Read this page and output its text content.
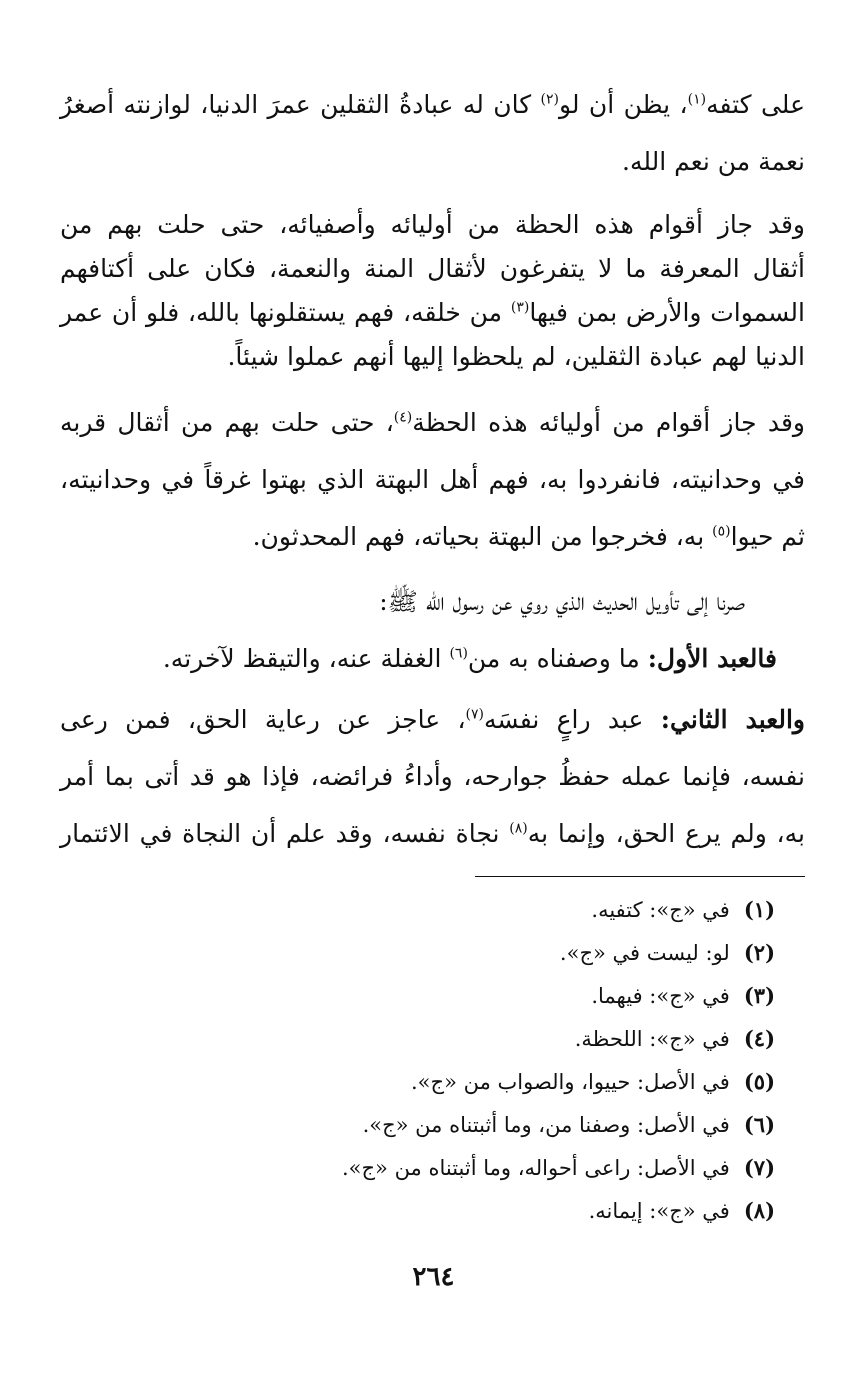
على كتفه$^{(١)}$، يظن أن لو$^{(٢)}$ كان له عبادةُ الثقلين عمرَ الدنيا، لوازنته أصغرُ
نعمة من نعم الله.
وقد جاز أقوام هذه الحظة من أوليائه وأصفيائه، حتى حلت بهم من
أثقال المعرفة ما لا يتفرغون لأثقال المنة والنعمة، فكان على أكتافهم
السموات والأرض بمن فيها$^{(٣)}$ من خلقه، فهم يستقلونها بالله، فلو أن عمر
الدنيا لهم عبادة الثقلين، لم يلحظوا إليها أنهم عملوا شيئاً.
وقد جاز أقوام من أوليائه هذه الحظة$^{(٤)}$، حتى حلت بهم من أثقال قربه
في وحدانيته، فانفردوا به، فهم أهل البهتة الذي بهتوا غرقاً في وحدانيته،
ثم حيوا$^{(٥)}$ به، فخرجوا من البهتة بحياته، فهم المحدثون.
صرنا إلى تأويل الحديث الذي روي عن رسول الله ﷺ:
فالعبد الأول: ما وصفناه به من$^{(٦)}$ الغفلة عنه، والتيقظ لآخرته.
والعبد الثاني: عبد راعٍ نفسَه$^{(٧)}$، عاجز عن رعاية الحق، فمن رعى
نفسه، فإنما عمله حفظُ جوارحه، وأداءُ فرائضه، فإذا هو قد أتى بما أمر
به، ولم يرع الحق، وإنما به$^{(٨)}$ نجاة نفسه، وقد علم أن النجاة في الائتمار
(١)في «ج»: كتفيه.
(٢)لو: ليست في «ج».
(٣)في «ج»: فيهما.
(٤)في «ج»: اللحظة.
(٥)في الأصل: حييوا، والصواب من «ج».
(٦)في الأصل: وصفنا من، وما أثبتناه من «ج».
(٧)في الأصل: راعى أحواله، وما أثبتناه من «ج».
(٨)في «ج»: إيمانه.
٢٦٤
